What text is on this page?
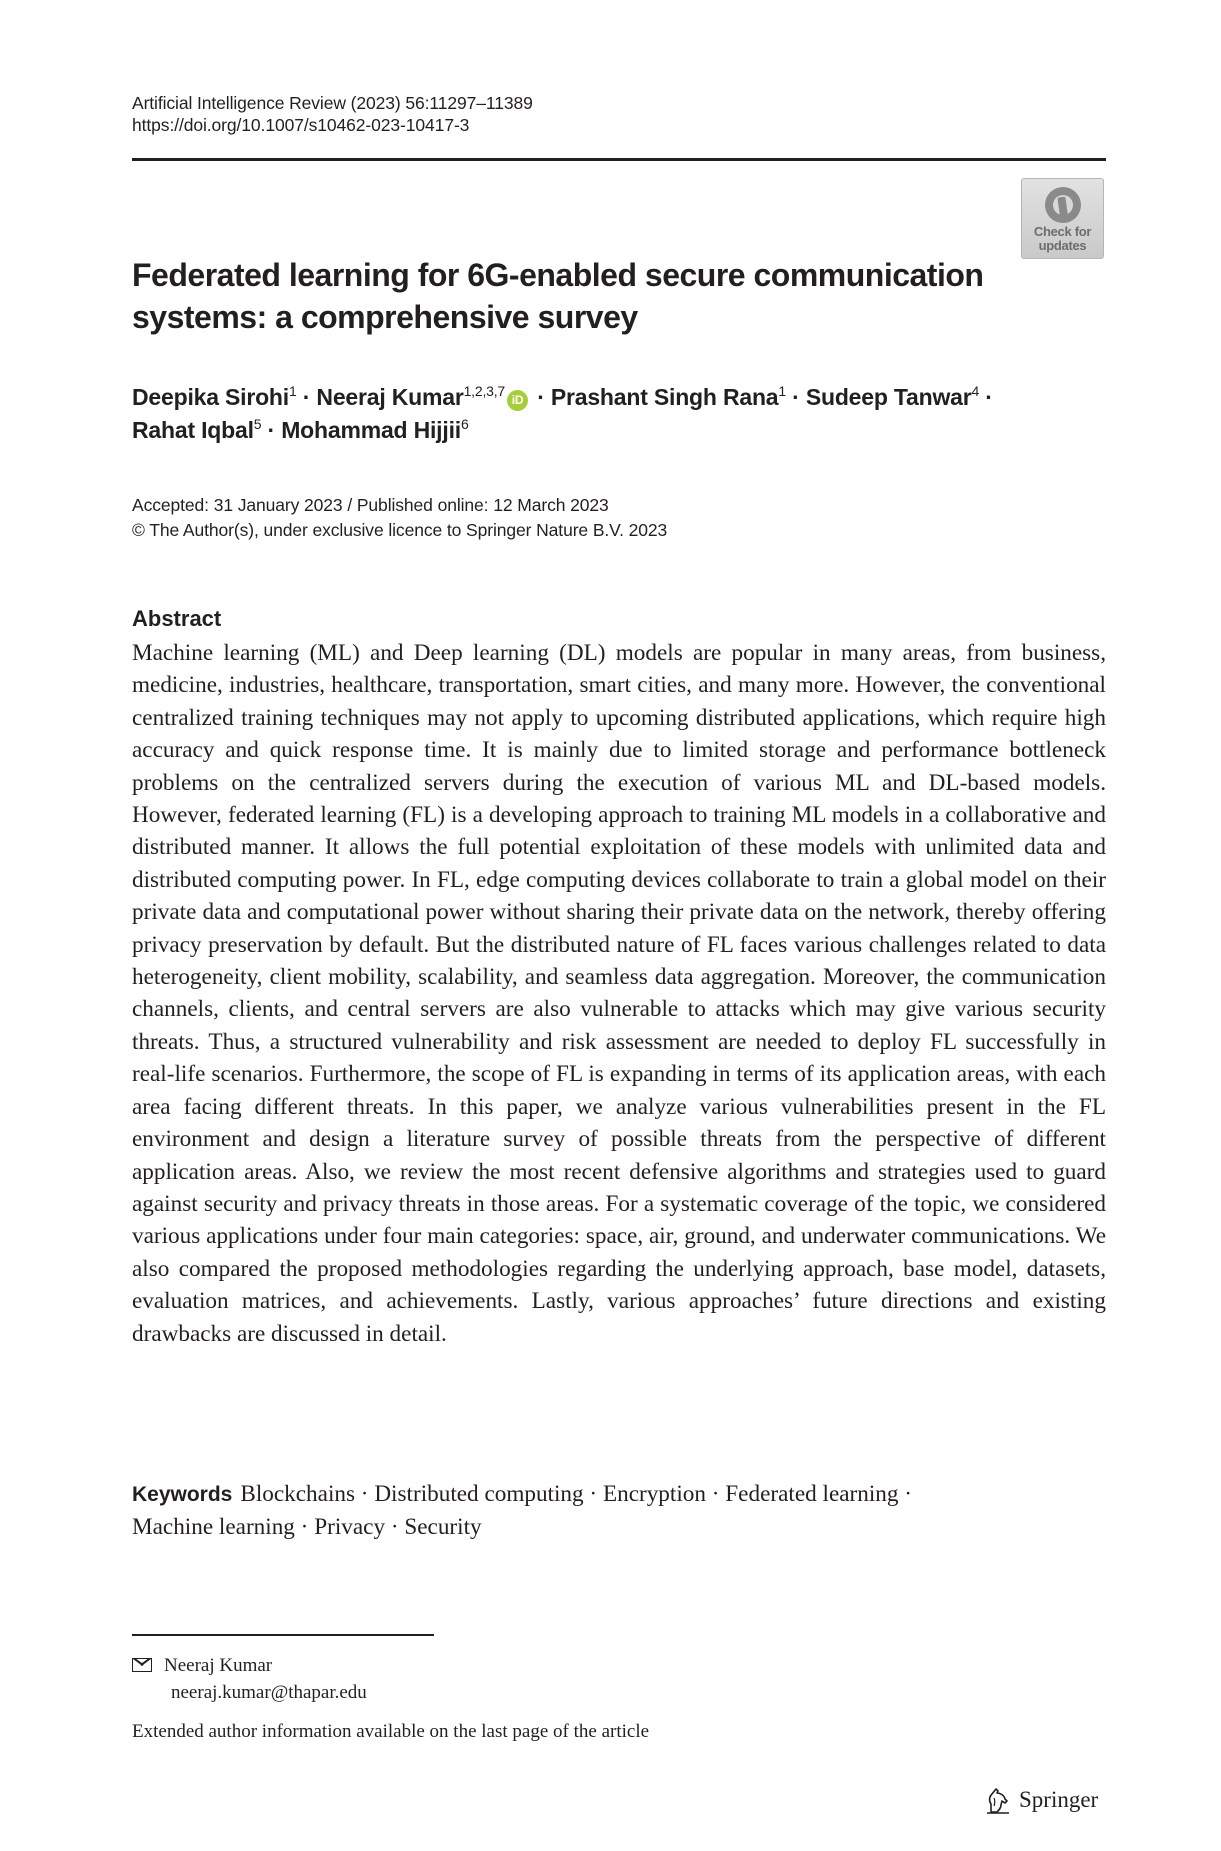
Artificial Intelligence Review (2023) 56:11297–11389
https://doi.org/10.1007/s10462-023-10417-3
Check for updates
Federated learning for 6G-enabled secure communication
systems: a comprehensive survey
Deepika Sirohi$^1$ · Neeraj Kumar$^{1,2,3,7}$iD · Prashant Singh Rana$^1$ · Sudeep Tanwar$^4$ ·
Rahat Iqbal$^5$ · Mohammad Hijjii$^6$
Accepted: 31 January 2023 / Published online: 12 March 2023
© The Author(s), under exclusive licence to Springer Nature B.V. 2023
Abstract

Machine learning (ML) and Deep learning (DL) models are popular in many areas, from business, medicine, industries, healthcare, transportation, smart cities, and many more. However, the conventional centralized training techniques may not apply to upcoming distributed applications, which require high accuracy and quick response time. It is mainly due to limited storage and performance bottleneck problems on the centralized servers during the execution of various ML and DL-based models. However, federated learning (FL) is a developing approach to training ML models in a collaborative and distributed manner. It allows the full potential exploitation of these models with unlimited data and distributed computing power. In FL, edge computing devices collaborate to train a global model on their private data and computational power without sharing their private data on the network, thereby offering privacy preservation by default. But the distributed nature of FL faces various challenges related to data heterogeneity, client mobility, scalability, and seamless data aggregation. Moreover, the communication channels, clients, and central servers are also vulnerable to attacks which may give various security threats. Thus, a structured vulnerability and risk assessment are needed to deploy FL successfully in real-life scenarios. Furthermore, the scope of FL is expanding in terms of its application areas, with each area facing different threats. In this paper, we analyze various vulnerabilities present in the FL environment and design a literature survey of possible threats from the perspective of different application areas. Also, we review the most recent defensive algorithms and strategies used to guard against security and privacy threats in those areas. For a systematic coverage of the topic, we considered various applications under four main categories: space, air, ground, and underwater communications. We also compared the proposed methodologies regarding the underlying approach, base model, datasets, evaluation matrices, and achievements. Lastly, various approaches’ future directions and existing drawbacks are discussed in detail.

Keywords Blockchains · Distributed computing · Encryption · Federated learning ·
Machine learning · Privacy · Security
Neeraj Kumar
neeraj.kumar@thapar.edu
Extended author information available on the last page of the article
Springer
